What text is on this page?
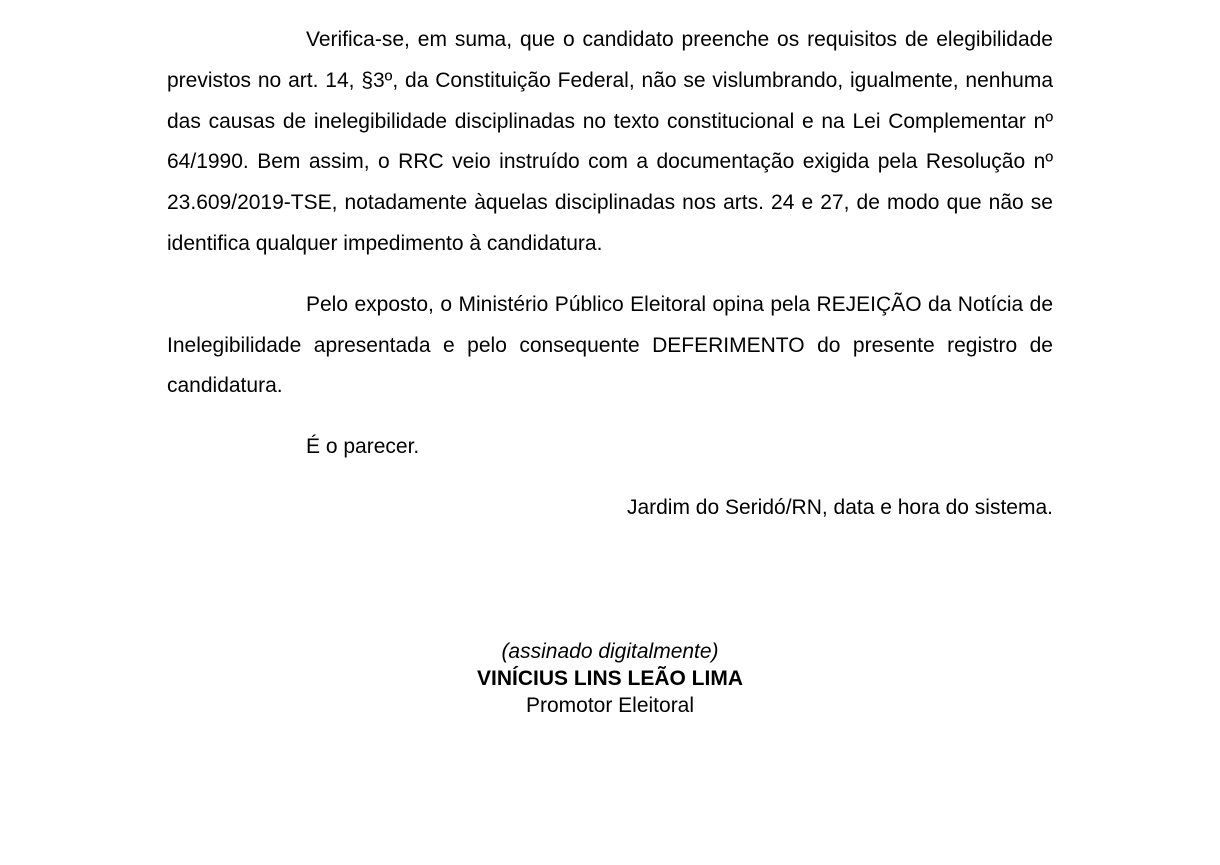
Verifica-se, em suma, que o candidato preenche os requisitos de elegibilidade previstos no art. 14, §3º, da Constituição Federal, não se vislumbrando, igualmente, nenhuma das causas de inelegibilidade disciplinadas no texto constitucional e na Lei Complementar nº 64/1990. Bem assim, o RRC veio instruído com a documentação exigida pela Resolução nº 23.609/2019-TSE, notadamente àquelas disciplinadas nos arts. 24 e 27, de modo que não se identifica qualquer impedimento à candidatura.

Pelo exposto, o Ministério Público Eleitoral opina pela REJEIÇÃO da Notícia de Inelegibilidade apresentada e pelo consequente DEFERIMENTO do presente registro de candidatura.

É o parecer.

Jardim do Seridó/RN, data e hora do sistema.

(assinado digitalmente)
VINÍCIUS LINS LEÃO LIMA
Promotor Eleitoral
